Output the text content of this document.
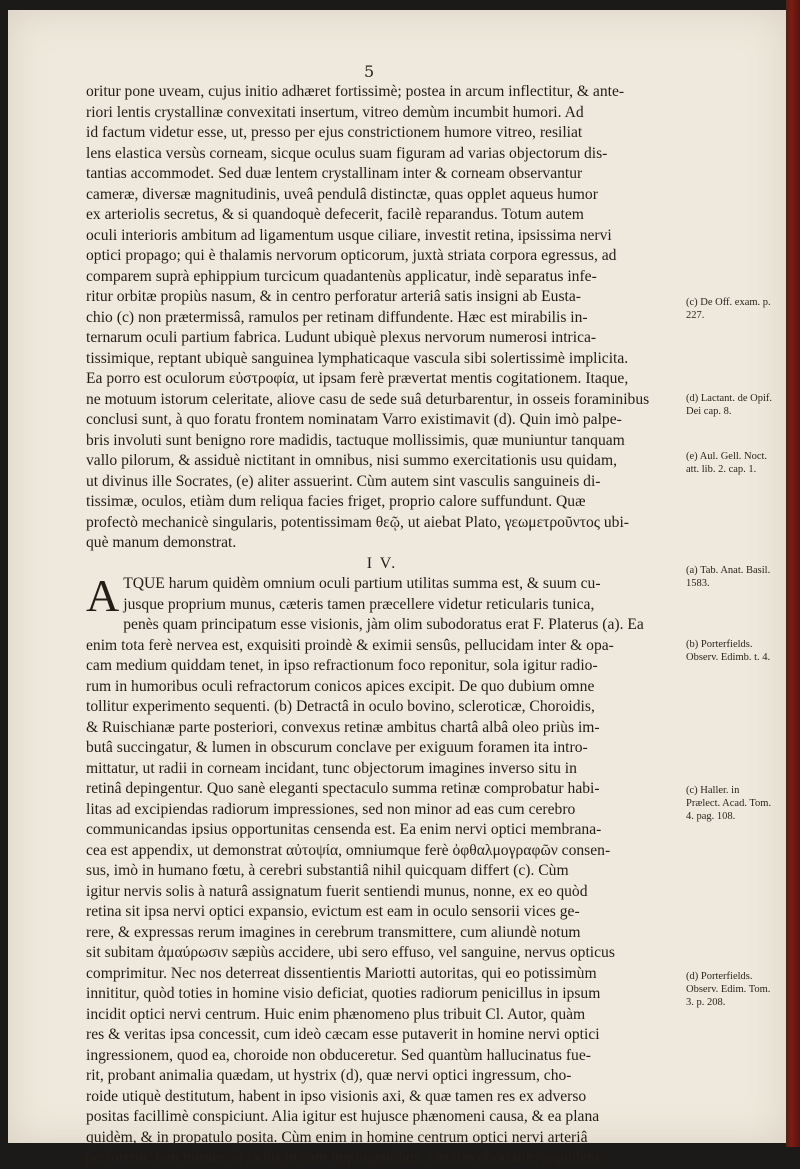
5
oritur pone uveam, cujus initio adhæret fortissimè; postea in arcum inflectitur, & ante-
riori lentis crystallinæ convexitati insertum, vitreo demùm incumbit humori. Ad
id factum videtur esse, ut, presso per ejus constrictionem humore vitreo, resiliat
lens elastica versùs corneam, sicque oculus suam figuram ad varias objectorum dis-
tantias accommodet. Sed duæ lentem crystallinam inter & corneam observantur
cameræ, diversæ magnitudinis, uveâ pendulâ distinctæ, quas opplet aqueus humor
ex arteriolis secretus, & si quandoquè defecerit, facilè reparandus. Totum autem
oculi interioris ambitum ad ligamentum usque ciliare, investit retina, ipsissima nervi
optici propago; qui è thalamis nervorum opticorum, juxtà striata corpora egressus, ad
comparem suprà ephippium turcicum quadantenùs applicatur, indè separatus infe-
ritur orbitæ propiùs nasum, & in centro perforatur arteriâ satis insigni ab Eusta-
chio (c) non prætermissâ, ramulos per retinam diffundente. Hæc est mirabilis in-
ternarum oculi partium fabrica. Ludunt ubiquè plexus nervorum numerosi intrica-
tissimique, reptant ubiquè sanguinea lymphaticaque vascula sibi solertissimè implicita.
Ea porro est oculorum εὐστροφία, ut ipsam ferè prævertat mentis cogitationem. Itaque,
ne motuum istorum celeritate, aliove casu de sede suâ deturbarentur, in osseis foraminibus
conclusi sunt, à quo foratu frontem nominatam Varro existimavit (d). Quin imò palpe-
bris involuti sunt benigno rore madidis, tactuque mollissimis, quæ muniuntur tanquam
vallo pilorum, & assiduè nictitant in omnibus, nisi summo exercitationis usu quidam,
ut divinus ille Socrates, (e) aliter assuerint. Cùm autem sint vasculis sanguineis di-
tissimæ, oculos, etiàm dum reliqua facies friget, proprio calore suffundunt. Quæ
profectò mechanicè singularis, potentissimam θεῷ, ut aiebat Plato, γεωμετροῦντος ubi-
què manum demonstrat.
I V.
A TQUE harum quidèm omnium oculi partium utilitas summa est, & suum cu-
jusque proprium munus, cæteris tamen præcellere videtur reticularis tunica,
penès quam principatum esse visionis, jàm olim subodoratus erat F. Platerus (a). Ea
enim tota ferè nervea est, exquisiti proindè & eximii sensûs, pellucidam inter & opa-
cam medium quiddam tenet, in ipso refractionum foco reponitur, sola igitur radio-
rum in humoribus oculi refractorum conicos apices excipit. De quo dubium omne
tollitur experimento sequenti. (b) Detractâ in oculo bovino, scleroticæ, Choroidis,
& Ruischianæ parte posteriori, convexus retinæ ambitus chartâ albâ oleo priùs im-
butâ succingatur, & lumen in obscurum conclave per exiguum foramen ita intro-
mittatur, ut radii in corneam incidant, tunc objectorum imagines inverso situ in
retinâ depingentur. Quo sanè eleganti spectaculo summa retinæ comprobatur habi-
litas ad excipiendas radiorum impressiones, sed non minor ad eas cum cerebro
communicandas ipsius opportunitas censenda est. Ea enim nervi optici membrana-
cea est appendix, ut demonstrat αὐτοψία, omniumque ferè ὀφθαλμογραφῶν consen-
sus, imò in humano fœtu, à cerebri substantiâ nihil quicquam differt (c). Cùm
igitur nervis solis à naturâ assignatum fuerit sentiendi munus, nonne, ex eo quòd
retina sit ipsa nervi optici expansio, evictum est eam in oculo sensorii vices ge-
rere, & expressas rerum imagines in cerebrum transmittere, cum aliundè notum
sit subitam ἀμαύρωσιν sæpiùs accidere, ubi sero effuso, vel sanguine, nervus opticus
comprimitur. Nec nos deterreat dissentientis Mariotti autoritas, qui eo potissimùm
innititur, quòd toties in homine visio deficiat, quoties radiorum penicillus in ipsum
incidit optici nervi centrum. Huic enim phænomeno plus tribuit Cl. Autor, quàm
res & veritas ipsa concessit, cum ideò cæcam esse putaverit in homine nervi optici
ingressionem, quod ea, choroide non obduceretur. Sed quantùm hallucinatus fue-
rit, probant animalia quædam, ut hystrix (d), quæ nervi optici ingressum, cho-
roide utiquè destitutum, habent in ipso visionis axi, & quæ tamen res ex adverso
positas facillimè conspiciunt. Alia igitur est hujusce phænomeni causa, & ea plana
quidèm, & in propatulo posita. Cùm enim in homine centrum optici nervi arteriâ
perforetur, non mirum, si radiis in eam impingentibus, cæcitas oboriatur, siquidèm
(c) De Off. exam. p. 227.
(d) Lactant. de Opif. Dei cap. 8.
(e) Aul. Gell. Noct. att. lib. 2. cap. 1.
(a) Tab. Anat. Basil. 1583.
(b) Porterfields. Observ. Edimb. t. 4.
(c) Haller. in Prælect. Acad. Tom. 4. pag. 108.
(d) Porterfields. Observ. Edim. Tom. 3. p. 208.
